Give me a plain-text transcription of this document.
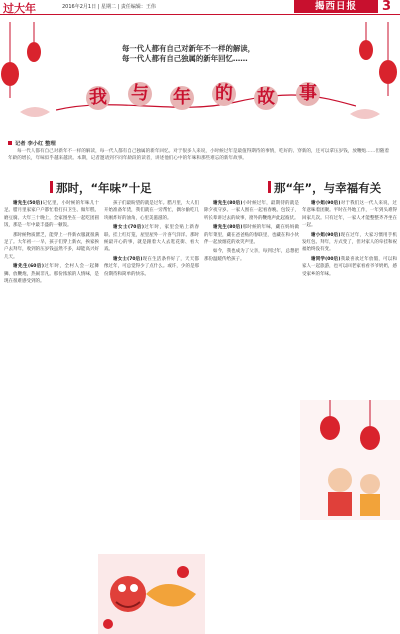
过大年	2016年2月1日 | 星期二 | 责任编辑：王伟	揭西日报	3
每一代人都有自己对新年不一样的解读，
每一代人都有自己独属的新年回忆……
我 与 年 的 故 事
记者 李小红 整理
每一代人都有自己对新年不一样的解读，每一代人都有自己独属的新年回忆。对于很多人来说，小时候过年是最值得期待的事情，吃好的、穿新的，还可以拿压岁钱，放鞭炮……但随着年龄的增长，年味似乎越来越淡。本期，记者邀请到不同年龄段的读者，讲述他们心中的年味和那些难忘的新年故事。
那时，“年味”十足	那“年”，与幸福有关

谢先生(50后)记忆里，小时候的年味儿十足。腊月里家家户户都忙着打扫卫生、做年糕、磨豆腐。大年三十晚上，全家围坐在一起吃团圆饭，那是一年中最丰盛的一顿饭。

那时候物质匮乏，能穿上一件新衣服就很满足了。大年初一一早，孩子们穿上新衣，挨家挨户去拜年，收到的压岁钱虽然不多，却能高兴好几天。

谢先生(60后)过年时，全村人会一起舞狮、放鞭炮，热闹非凡。那份浓浓的人情味，是现在很难感受到的。

孩子们最盼望的就是过年。腊月里，大人们开始准备年货，我们就在一旁帮忙，偶尔偷吃几块刚炸好的油角，心里美滋滋的。

谢女士(70后)过年时，家里会贴上新春联、挂上红灯笼，屋里屋外一片喜气洋洋。那时候最开心的事，就是跟着大人去逛花街、看大戏。

谢女士(70后)现在生活条件好了，天天都像过年，可总觉得少了点什么。或许，少的是那份期待和简单的快乐。

谢先生(80后)小时候过年，最期待的就是除夕夜守岁。一家人围在一起看春晚、包饺子，听长辈讲过去的故事，窗外的鞭炮声此起彼伏。

谢先生(80后)那时候的年味，藏在妈妈做的年菜里，藏在爸爸贴的春联里，也藏在和小伙伴一起放烟花的欢笑声里。

如今，我也成为了父亲，每到过年，总想把那份温暖传给孩子。

谢小姐(90后)对于我们这一代人来说，过年意味着团聚。平时在外地工作，一年到头难得回家几次。只有过年，一家人才能整整齐齐坐在一起。

谢小姐(90后)现在过年，大家习惯用手机发红包、拜年，方式变了，但对家人的牵挂和祝福始终没有变。

谢同学(00后)我最喜欢过年放假，可以和家人一起旅游，也可以回老家看看爷爷奶奶，感受家乡的年味。
